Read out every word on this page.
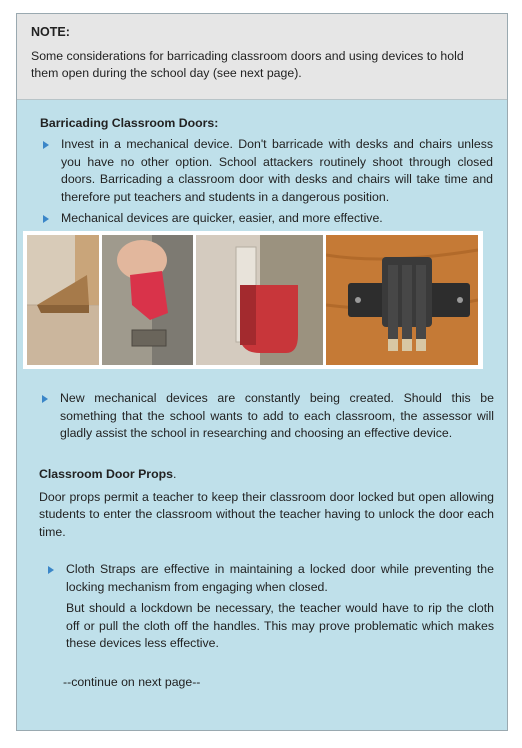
NOTE:
Some considerations for barricading classroom doors and using devices to hold them open during the school day (see next page).
Barricading Classroom Doors:
Invest in a mechanical device. Don't barricade with desks and chairs unless you have no other option. School attackers routinely shoot through closed doors. Barricading a classroom door with desks and chairs will take time and therefore put teachers and students in a dangerous position.
Mechanical devices are quicker, easier, and more effective.
New mechanical devices are constantly being created. Should this be something that the school wants to add to each classroom, the assessor will gladly assist the school in researching and choosing an effective device.
Classroom Door Props.
Door props permit a teacher to keep their classroom door locked but open allowing students to enter the classroom without the teacher having to unlock the door each time.
Cloth Straps are effective in maintaining a locked door while preventing the locking mechanism from engaging when closed.
But should a lockdown be necessary, the teacher would have to rip the cloth off or pull the cloth off the handles. This may prove problematic which makes these devices less effective.
--continue on next page--
